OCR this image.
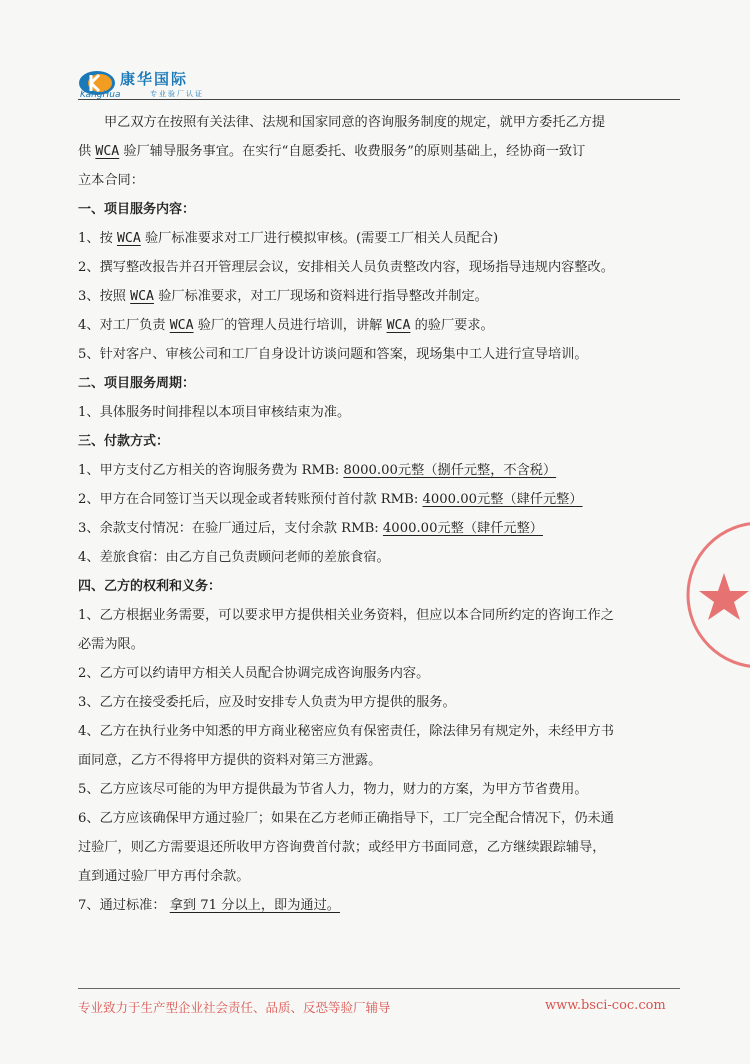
康华国际
KangHua	专业验厂认证
甲乙双方在按照有关法律、法规和国家同意的咨询服务制度的规定，就甲方委托乙方提
供 WCA 验厂辅导服务事宜。在实行“自愿委托、收费服务”的原则基础上，经协商一致订
立本合同：
一、项目服务内容：
1、按 WCA 验厂标准要求对工厂进行模拟审核。(需要工厂相关人员配合)
2、撰写整改报告并召开管理层会议，安排相关人员负责整改内容，现场指导违规内容整改。
3、按照 WCA 验厂标准要求，对工厂现场和资料进行指导整改并制定。
4、对工厂负责 WCA 验厂的管理人员进行培训，讲解 WCA 的验厂要求。
5、针对客户、审核公司和工厂自身设计访谈问题和答案，现场集中工人进行宣导培训。
二、项目服务周期：
1、具体服务时间排程以本项目审核结束为准。
三、付款方式：
1、甲方支付乙方相关的咨询服务费为 RMB: 8000.00元整（捌仟元整，不含税）
2、甲方在合同签订当天以现金或者转账预付首付款 RMB: 4000.00元整（肆仟元整）
3、余款支付情况：在验厂通过后，支付余款 RMB: 4000.00元整（肆仟元整）
4、差旅食宿：由乙方自己负责顾问老师的差旅食宿。
四、乙方的权利和义务：
1、乙方根据业务需要，可以要求甲方提供相关业务资料，但应以本合同所约定的咨询工作之
必需为限。
2、乙方可以约请甲方相关人员配合协调完成咨询服务内容。
3、乙方在接受委托后，应及时安排专人负责为甲方提供的服务。
4、乙方在执行业务中知悉的甲方商业秘密应负有保密责任，除法律另有规定外，未经甲方书
面同意，乙方不得将甲方提供的资料对第三方泄露。
5、乙方应该尽可能的为甲方提供最为节省人力，物力，财力的方案，为甲方节省费用。
6、乙方应该确保甲方通过验厂；如果在乙方老师正确指导下，工厂完全配合情况下，仍未通
过验厂，则乙方需要退还所收甲方咨询费首付款；或经甲方书面同意，乙方继续跟踪辅导，
直到通过验厂甲方再付余款。
7、通过标准： 拿到 71 分以上，即为通过。
专业致力于生产型企业社会责任、品质、反恐等验厂辅导	www.bsci-coc.com
